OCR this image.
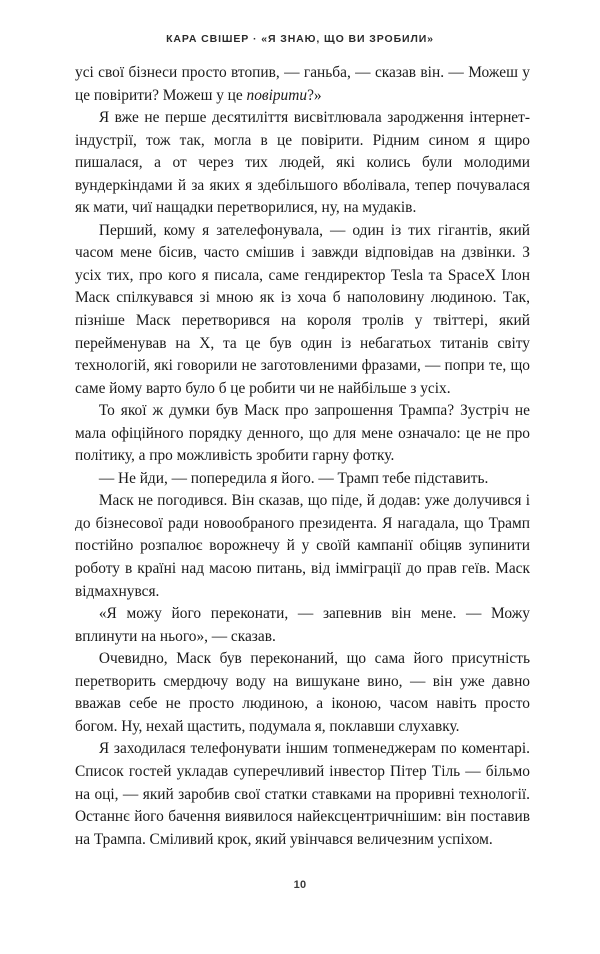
КАРА СВІШЕР · «Я ЗНАЮ, ЩО ВИ ЗРОБИЛИ»

усі свої бізнеси просто втопив, — ганьба, — сказав він. — Можеш у це повірити? Можеш у це повірити?»

Я вже не перше десятиліття висвітлювала зародження інтернет-індустрії, тож так, могла в це повірити. Рідним сином я щиро пишалася, а от через тих людей, які колись були молодими вундеркіндами й за яких я здебільшого вболівала, тепер почувалася як мати, чиї нащадки перетворилися, ну, на мудаків.

Перший, кому я зателефонувала, — один із тих гігантів, який часом мене бісив, часто смішив і завжди відповідав на дзвінки. З усіх тих, про кого я писала, саме гендиректор Tesla та SpaceX Ілон Маск спілкувався зі мною як із хоча б наполовину людиною. Так, пізніше Маск перетворився на короля тролів у твіттері, який перейменував на Х, та це був один із небагатьох титанів світу технологій, які говорили не заготовленими фразами, — попри те, що саме йому варто було б це робити чи не найбільше з усіх.

То якої ж думки був Маск про запрошення Трампа? Зустріч не мала офіційного порядку денного, що для мене означало: це не про політику, а про можливість зробити гарну фотку.

— Не йди, — попередила я його. — Трамп тебе підставить.

Маск не погодився. Він сказав, що піде, й додав: уже долучився і до бізнесової ради новообраного президента. Я нагадала, що Трамп постійно розпалює ворожнечу й у своїй кампанії обіцяв зупинити роботу в країні над масою питань, від імміграції до прав геїв. Маск відмахнувся.

«Я можу його переконати, — запевнив він мене. — Можу вплинути на нього», — сказав.

Очевидно, Маск був переконаний, що сама його присутність перетворить смердючу воду на вишукане вино, — він уже давно вважав себе не просто людиною, а іконою, часом навіть просто богом. Ну, нехай щастить, подумала я, поклавши слухавку.

Я заходилася телефонувати іншим топменеджерам по коментарі. Список гостей укладав суперечливий інвестор Пітер Тіль — більмо на оці, — який заробив свої статки ставками на проривні технології. Останнє його бачення виявилося найексцентричнішим: він поставив на Трампа. Сміливий крок, який увінчався величезним успіхом.

10
